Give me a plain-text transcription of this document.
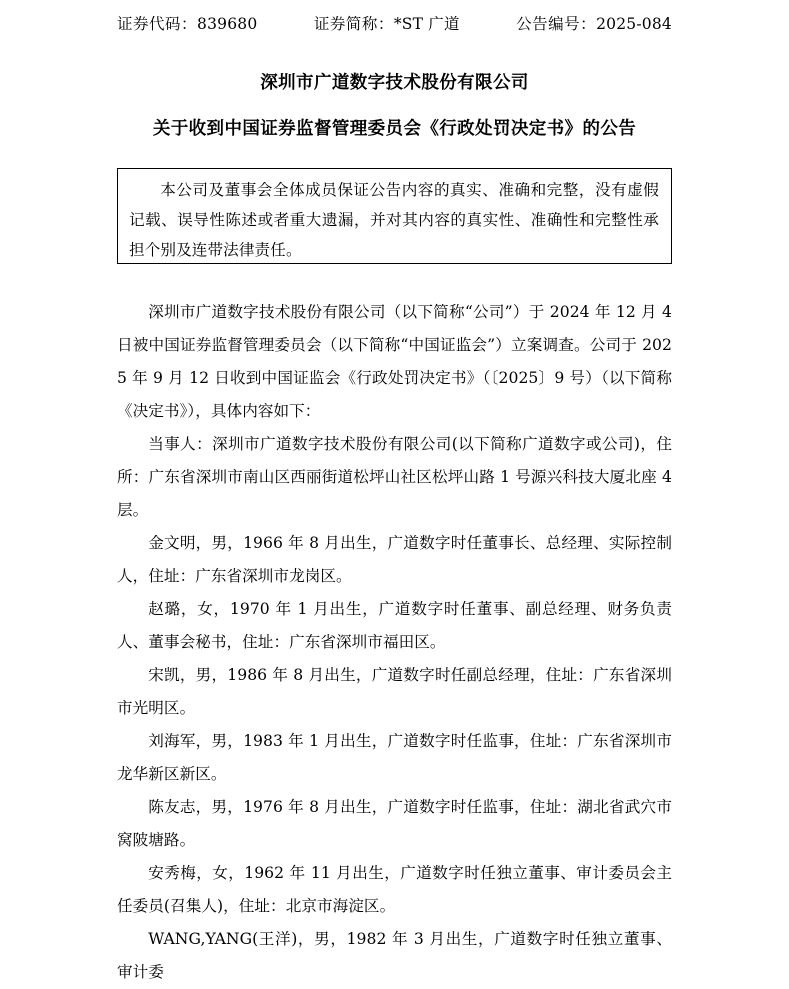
证券代码：839680	证券简称：*ST 广道	公告编号：2025-084
深圳市广道数字技术股份有限公司
关于收到中国证券监督管理委员会《行政处罚决定书》的公告
本公司及董事会全体成员保证公告内容的真实、准确和完整，没有虚假记载、误导性陈述或者重大遗漏，并对其内容的真实性、准确性和完整性承担个别及连带法律责任。

深圳市广道数字技术股份有限公司（以下简称“公司”）于 2024 年 12 月 4 日被中国证券监督管理委员会（以下简称“中国证监会”）立案调查。公司于 2025 年 9 月 12 日收到中国证监会《行政处罚决定书》（〔2025〕9 号）（以下简称《决定书》），具体内容如下：

当事人：深圳市广道数字技术股份有限公司(以下简称广道数字或公司)，住所：广东省深圳市南山区西丽街道松坪山社区松坪山路 1 号源兴科技大厦北座 4 层。

金文明，男，1966 年 8 月出生，广道数字时任董事长、总经理、实际控制人，住址：广东省深圳市龙岗区。

赵璐，女，1970 年 1 月出生，广道数字时任董事、副总经理、财务负责人、董事会秘书，住址：广东省深圳市福田区。

宋凯，男，1986 年 8 月出生，广道数字时任副总经理，住址：广东省深圳市光明区。

刘海军，男，1983 年 1 月出生，广道数字时任监事，住址：广东省深圳市龙华新区新区。

陈友志，男，1976 年 8 月出生，广道数字时任监事，住址：湖北省武穴市窝陂塘路。

安秀梅，女，1962 年 11 月出生，广道数字时任独立董事、审计委员会主任委员(召集人)，住址：北京市海淀区。

WANG,YANG(王洋)，男，1982 年 3 月出生，广道数字时任独立董事、审计委
